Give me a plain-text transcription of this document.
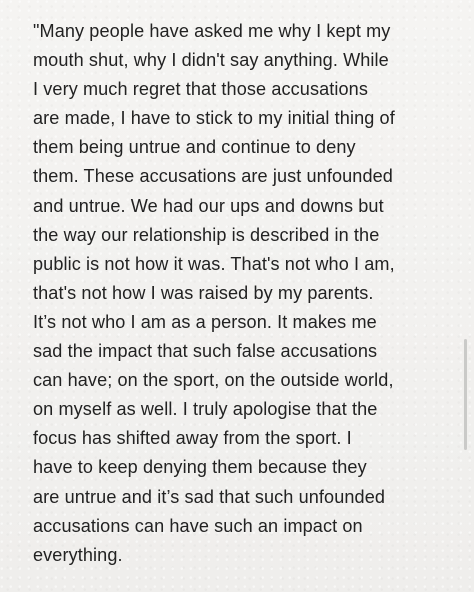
"Many people have asked me why I kept my
mouth shut, why I didn't say anything. While
I very much regret that those accusations
are made, I have to stick to my initial thing of
them being untrue and continue to deny
them. These accusations are just unfounded
and untrue. We had our ups and downs but
the way our relationship is described in the
public is not how it was. That's not who I am,
that's not how I was raised by my parents.
It’s not who I am as a person. It makes me
sad the impact that such false accusations
can have; on the sport, on the outside world,
on myself as well. I truly apologise that the
focus has shifted away from the sport. I
have to keep denying them because they
are untrue and it’s sad that such unfounded
accusations can have such an impact on
everything.
